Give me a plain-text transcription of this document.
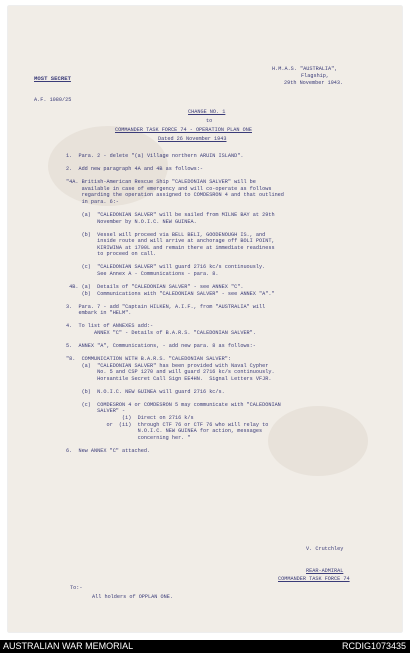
H.M.A.S. "AUSTRALIA",
Flagship,
29th November 1943.
MOST SECRET
A.F. 1080/25
CHANGE NO. 1
to
COMMANDER TASK FORCE 74 - OPERATION PLAN ONE
Dated 26 November 1943
1.  Para. 2 - delete "(a) Village northern ARUIN ISLAND".
2.  Add new paragraph 4A and 4B as follows:-
"4A. British-American Rescue Ship "CALEDONIAN SALVER" will be
available in case of emergency and will co-operate as follows
regarding the operation assigned to COMDESRON 4 and that outlined
in para. 6:-
(a)  "CALEDONIAN SALVER" will be sailed from MILNE BAY at 29th
November by N.O.I.C. NEW GUINEA.
(b)  Vessel will proceed via BELL BELI, GOODENOUGH IS., and
inside route and will arrive at anchorage off BOLI POINT,
KIRIWINA at 1700L and remain there at immediate readiness
to proceed on call.
(c)  "CALEDONIAN SALVER" will guard 2716 kc/s continuously.
See Annex A - Communications - para. 8.
4B. (a)  Details of "CALEDONIAN SALVER" - see ANNEX "C".
(b)  Communications with "CALEDONIAN SALVER" - see ANNEX "A"."
3.  Para. 7 - add "Captain HILKEN, A.I.F., from "AUSTRALIA" will
embark in "HELM".
4.  To list of ANNEXES add:-
ANNEX "C" - Details of B.A.R.S. "CALEDONIAN SALVER".
5.  ANNEX "A", Communications, - add new para. 8 as follows:-
"8.  COMMUNICATION WITH B.A.R.S. "CALEDONIAN SALVER":
(a)  "CALEDONIAN SALVER" has been provided with Naval Cypher
No. 5 and CSP 1270 and will guard 2716 kc/s continuously.
Horsantile Secret Call Sign EE4HN.  Signal Letters VFJR.
(b)  N.O.I.C. NEW GUINEA will guard 2716 kc/s.
(c)  COMDESRON 4 or COMDESRON 5 may communicate with "CALEDONIAN
SALVER" -
(i)  Direct on 2716 k/s
or  (ii)  through CTF 76 or CTF 76 who will relay to
N.O.I.C. NEW GUINEA for action, messages
concerning her. "
6.  New ANNEX "C" attached.
V. Crutchley
REAR-ADMIRAL
COMMANDER TASK FORCE 74
To:-
All holders of OPPLAN ONE.
AUSTRALIAN WAR MEMORIAL	RCDIG1073435
